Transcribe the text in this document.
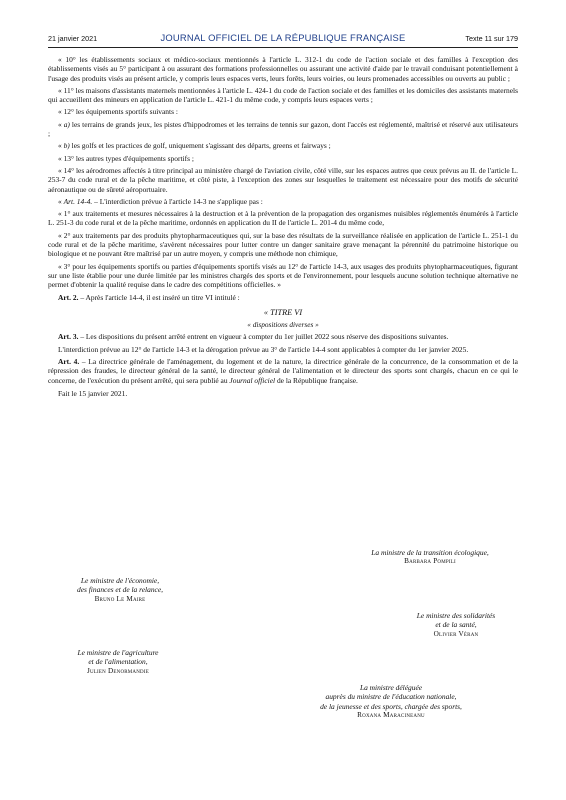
21 janvier 2021	JOURNAL OFFICIEL DE LA RÉPUBLIQUE FRANÇAISE	Texte 11 sur 179

« 10° les établissements sociaux et médico-sociaux mentionnés à l'article L. 312-1 du code de l'action sociale et des familles à l'exception des établissements visés au 5° participant à ou assurant des formations professionnelles ou assurant une activité d'aide par le travail conduisant potentiellement à l'usage des produits visés au présent article, y compris leurs espaces verts, leurs forêts, leurs voiries, ou leurs promenades accessibles ou ouverts au public ;

« 11° les maisons d'assistants maternels mentionnées à l'article L. 424-1 du code de l'action sociale et des familles et les domiciles des assistants maternels qui accueillent des mineurs en application de l'article L. 421-1 du même code, y compris leurs espaces verts ;

« 12° les équipements sportifs suivants :

« a) les terrains de grands jeux, les pistes d'hippodromes et les terrains de tennis sur gazon, dont l'accès est réglementé, maîtrisé et réservé aux utilisateurs ;

« b) les golfs et les practices de golf, uniquement s'agissant des départs, greens et fairways ;

« 13° les autres types d'équipements sportifs ;

« 14° les aérodromes affectés à titre principal au ministère chargé de l'aviation civile, côté ville, sur les espaces autres que ceux prévus au II. de l'article L. 253-7 du code rural et de la pêche maritime, et côté piste, à l'exception des zones sur lesquelles le traitement est nécessaire pour des motifs de sécurité aéronautique ou de sûreté aéroportuaire.

« Art. 14-4. – L'interdiction prévue à l'article 14-3 ne s'applique pas :

« 1° aux traitements et mesures nécessaires à la destruction et à la prévention de la propagation des organismes nuisibles réglementés énumérés à l'article L. 251-3 du code rural et de la pêche maritime, ordonnés en application du II de l'article L. 201-4 du même code,

« 2° aux traitements par des produits phytopharmaceutiques qui, sur la base des résultats de la surveillance réalisée en application de l'article L. 251-1 du code rural et de la pêche maritime, s'avèrent nécessaires pour lutter contre un danger sanitaire grave menaçant la pérennité du patrimoine historique ou biologique et ne pouvant être maîtrisé par un autre moyen, y compris une méthode non chimique,

« 3° pour les équipements sportifs ou parties d'équipements sportifs visés au 12° de l'article 14-3, aux usages des produits phytopharmaceutiques, figurant sur une liste établie pour une durée limitée par les ministres chargés des sports et de l'environnement, pour lesquels aucune solution technique alternative ne permet d'obtenir la qualité requise dans le cadre des compétitions officielles. »

Art. 2. – Après l'article 14-4, il est inséré un titre VI intitulé :

« TITRE VI

« dispositions diverses »

Art. 3. – Les dispositions du présent arrêté entrent en vigueur à compter du 1er juillet 2022 sous réserve des dispositions suivantes.

L'interdiction prévue au 12° de l'article 14-3 et la dérogation prévue au 3° de l'article 14-4 sont applicables à compter du 1er janvier 2025.

Art. 4. – La directrice générale de l'aménagement, du logement et de la nature, la directrice générale de la concurrence, de la consommation et de la répression des fraudes, le directeur général de la santé, le directeur général de l'alimentation et le directeur des sports sont chargés, chacun en ce qui le concerne, de l'exécution du présent arrêté, qui sera publié au Journal officiel de la République française.

Fait le 15 janvier 2021.

La ministre de la transition écologique,
Barbara Pompili
Le ministre de l'économie,
des finances et de la relance,
Bruno Le Maire
Le ministre des solidarités
et de la santé,
Olivier Véran
Le ministre de l'agriculture
et de l'alimentation,
Julien Denormandie
La ministre déléguée
auprès du ministre de l'éducation nationale,
de la jeunesse et des sports, chargée des sports,
Roxana Maracineanu
